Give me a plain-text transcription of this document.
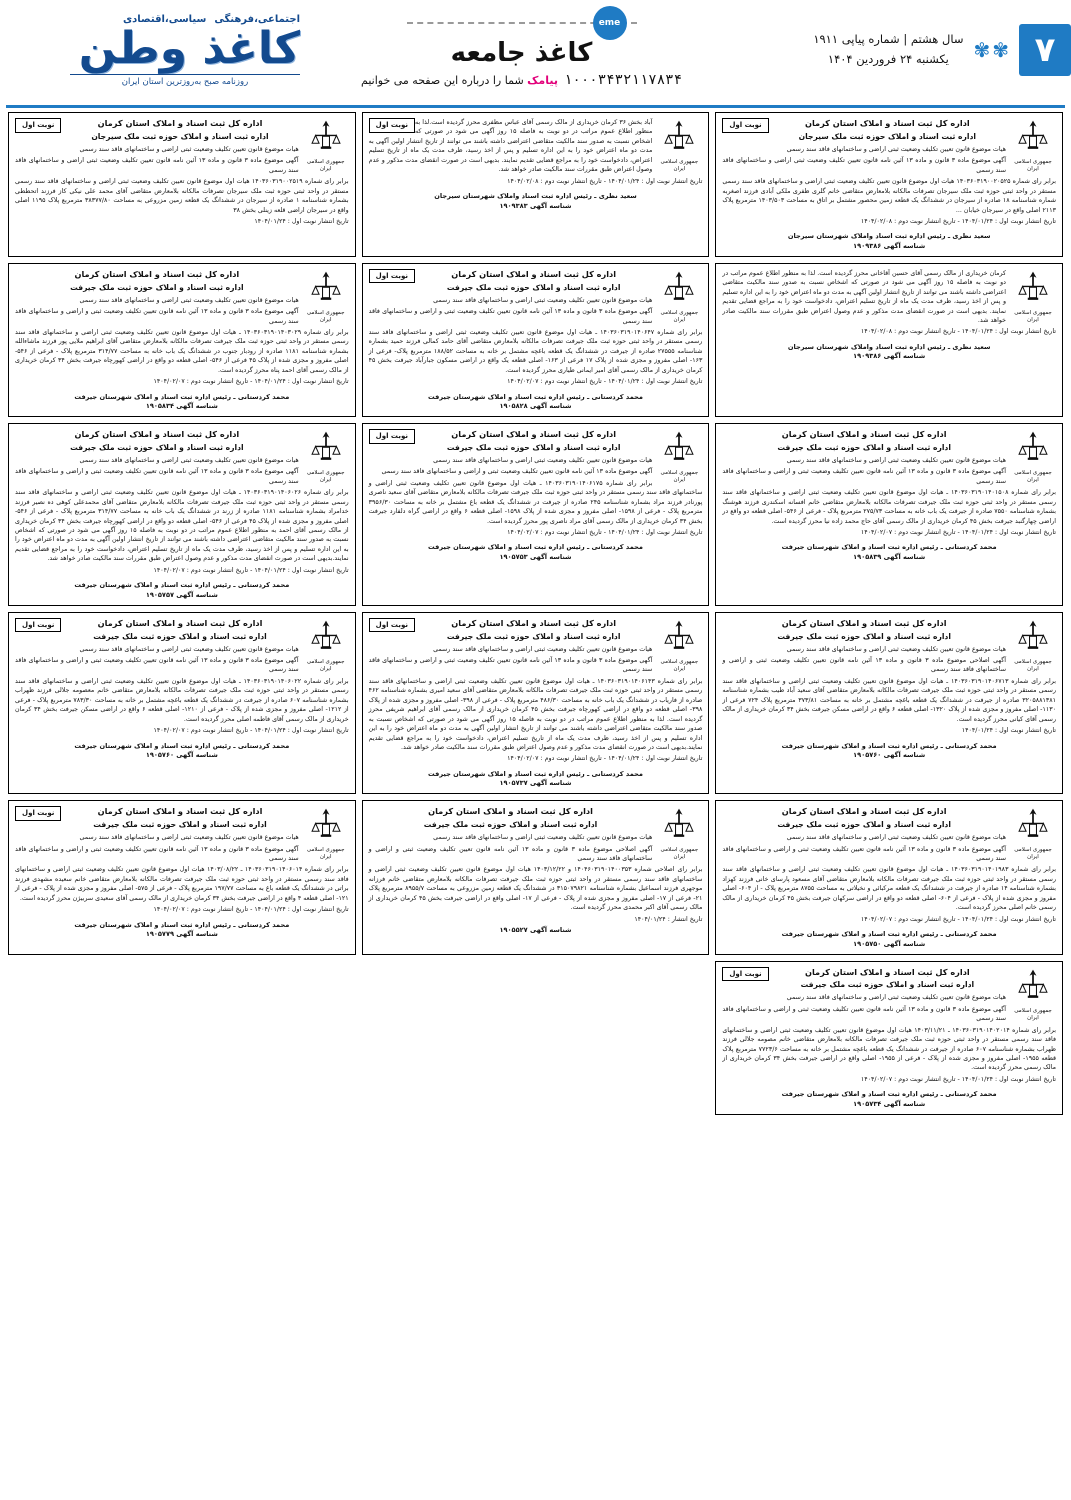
۷
✾
✾
سال هشتم | شماره پیاپی ۱۹۱۱
یکشنبه ۲۴ فروردین ۱۴۰۴
eme
کاغذ جامعه
۱۰۰۰۳۴۳۲۱۱۷۸۳۴
پیامک شما را درباره این صفحه می خوانیم
اجتماعی،فرهنگی
سیاسی،اقتصادی
کاغذ وطن
روزنامه صبح به‌روزترین استان ایران
نوبت اول
جمهوری اسلامی ایران
اداره کل ثبت اسناد و املاک استان کرمان
اداره ثبت اسناد و املاک حوزه ثبت ملک سیرجان

هیات موضوع قانون تعیین تکلیف وضعیت ثبتی اراضی و ساختمانهای فاقد سند رسمی

آگهی موضوع ماده ۳ قانون و ماده ۱۳ آئین نامه قانون تعیین تکلیف وضعیت ثبتی اراضی و ساختمانهای فاقد سند رسمی

برابر رای شماره ۱۴۰۳۶۰۳۱۹۰۰۲۰۵۲۵ هیات اول موضوع قانون تعیین تکلیف وضعیت ثبتی اراضی و ساختمانهای فاقد سند رسمی مستقر در واحد ثبتی حوزه ثبت ملک سیرجان تصرفات مالکانه بلامعارض متقاضی خانم گلری ظفری ملکی آبادی فرزند اصغربه شماره شناسنامه ۱۸ صادره از سیرجان در ششدانگ یک قطعه زمین محصور مشتمل بر اتاق به مساحت ۱۴۰۳/۵۰۳ مترمربع پلاک ۲۱۱۳ اصلی واقع در سیرجان خیابان ...

تاریخ انتشار نوبت اول : ۱۴۰۴/۰۱/۲۴ - تاریخ انتشار نوبت دوم : ۱۴۰۴/۰۲/۰۸

سعید نظری ـ رئیس اداره ثبت اسناد واملاک شهرستان سیرجان
شناسه آگهی ۱۹۰۹۳۸۶
نوبت اول
جمهوری اسلامی ایران

آباد بخش ۳۶ کرمان خریداری از مالک رسمی آقای عباس مظفری محرز گردیده است.لذا به منظور اطلاع عموم مراتب در دو نوبت به فاصله ۱۵ روز آگهی می شود در صورتی که اشخاص نسبت به صدور سند مالکیت متقاضی اعتراضی داشته باشند می توانند از تاریخ انتشار اولین آگهی به مدت دو ماه اعتراض خود را به این اداره تسلیم و پس از اخذ رسید، ظرف مدت یک ماه از تاریخ تسلیم اعتراض، دادخواست خود را به مراجع قضایی تقدیم نمایند. بدیهی است در صورت انقضای مدت مذکور و عدم وصول اعتراض طبق مقررات سند مالکیت صادر خواهد شد.

تاریخ انتشار نوبت اول : ۱۴۰۴/۰۱/۲۴ - تاریخ انتشار نوبت دوم : ۱۴۰۴/۰۲/۰۸

سعید نظری ـ رئیس اداره ثبت اسناد واملاک شهرستان سیرجان
شناسه آگهی ۱۹۰۹۳۸۳
نوبت اول
جمهوری اسلامی ایران
اداره کل ثبت اسناد و املاک استان کرمان
اداره ثبت اسناد و املاک حوزه ثبت ملک سیرجان

هیات موضوع قانون تعیین تکلیف وضعیت ثبتی اراضی و ساختمانهای فاقد سند رسمی

آگهی موضوع ماده ۳ قانون و ماده ۱۳ آئین نامه قانون تعیین تکلیف وضعیت ثبتی اراضی و ساختمانهای فاقد سند رسمی

برابر رای شماره ۱۴۰۳۶۰۳۱۹۰۰۲۵۱۹ هیات اول موضوع قانون تعیین تکلیف وضعیت ثبتی اراضی و ساختمانهای فاقد سند رسمی مستقر در واحد ثبتی حوزه ثبت ملک سیرجان تصرفات مالکانه بلامعارض متقاضی آقای محمد علی نیکی کاز فرزند اتحططی بشماره شناسنامه ۱ صادره از سیرجان در ششدانگ یک قطعه زمین مزروعی به مساحت ۳۸۳۷۷/۸۰ مترمربع پلاک ۱۱۹۵ اصلی واقع در سیرجان اراضی قلعه زینلی بخش ۳۸

تاریخ انتشار نوبت اول : ۱۴۰۴/۰۱/۲۴

جمهوری اسلامی ایران

کرمان خریداری از مالک رسمی آقای حسین آقاخانی محرز گردیده است. لذا به منظور اطلاع عموم مراتب در دو نوبت به فاصله ۱۵ روز آگهی می شود در صورتی که اشخاص نسبت به صدور سند مالکیت متقاضی اعتراضی داشته باشند می توانند از تاریخ انتشار اولین آگهی به مدت دو ماه اعتراض خود را به این اداره تسلیم و پس از اخذ رسید، ظرف مدت یک ماه از تاریخ تسلیم اعتراض، دادخواست خود را به مراجع قضایی تقدیم نمایند. بدیهی است در صورت انقضای مدت مذکور و عدم وصول اعتراض طبق مقررات سند مالکیت صادر خواهد شد.

تاریخ انتشار نوبت اول : ۱۴۰۴/۰۱/۲۴ - تاریخ انتشار نوبت دوم : ۱۴۰۴/۰۲/۰۸

سعید نظری ـ رئیس اداره ثبت اسناد واملاک شهرستان سیرجان
شناسه آگهی ۱۹۰۹۳۸۶
نوبت اول
جمهوری اسلامی ایران
اداره کل ثبت اسناد و املاک استان کرمان
اداره ثبت اسناد و املاک حوزه ثبت ملک جیرفت

هیات موضوع قانون تعیین تکلیف وضعیت ثبتی اراضی و ساختمانهای فاقد سند رسمی

آگهی موضوع ماده ۳ قانون و ماده ۱۳ آئین نامه قانون تعیین تکلیف وضعیت ثبتی و اراضی و ساختمانهای فاقد سند رسمی

برابر رای شماره ۱۴۰۳۶۰۳۱۹۰۱۴۰۶۴۷ ـ هیات اول موضوع قانون تعیین تکلیف وضعیت ثبتی اراضی و ساختمانهای فاقد سند رسمی مستقر در واحد ثبتی حوزه ثبت ملک جیرفت تصرفات مالکانه بلامعارض متقاضی آقای حامد کمالی فرزند حمید بشماره شناسنامه ۲۷۵۵۵ صادره از جیرفت در ششدانگ یک قطعه باغچه مشتمل بر خانه به مساحت ۱۸۸/۵۲ مترمربع پلاک- فرعی از ۱۶۳- اصلی مفروز و مجزی شده از پلاک ۱۷ فرعی از ۱۶۳- اصلی قطعه یک واقع در اراضی مسکون جبارآباد جیرفت بخش ۴۵ کرمان خریداری از مالک رسمی آقای امیر ایمانی طیاری محرز گردیده است.

تاریخ انتشار نوبت اول : ۱۴۰۴/۰۱/۲۴ - تاریخ انتشار نوبت دوم : ۱۴۰۴/۰۲/۰۷

محمد کردستانی ـ رئیس اداره ثبت اسناد و املاک شهرستان جیرفت
شناسه آگهی ۱۹۰۵۸۲۸
جمهوری اسلامی ایران
اداره کل ثبت اسناد و املاک استان کرمان
اداره ثبت اسناد و املاک حوزه ثبت ملک جیرفت

هیات موضوع قانون تعیین تکلیف وضعیت ثبتی اراضی و ساختمانهای فاقد سند رسمی

آگهی موضوع ماده ۳ قانون و ماده ۱۳ آئین نامه قانون تعیین تکلیف وضعیت ثبتی و اراضی و ساختمانهای فاقد سند رسمی

برابر رای شماره ۱۴۰۳۶۰۳۱۹۰۱۴۰۳۰۲۹ ـ هیات اول موضوع قانون تعیین تکلیف وضعیت ثبتی اراضی و ساختمانهای فاقد سند رسمی مستقر در واحد ثبتی حوزه ثبت ملک جیرفت تصرفات مالکانه بلامعارض متقاضی آقای ابراهیم ملایی پور فرزند ماشاءالله بشماره شناسنامه ۱۱۸۱ صادره از رودبار جنوب در ششدانگ یک باب خانه به مساحت ۳۱۴/۷۷ مترمربع پلاک - فرعی از ۵۴۶- اصلی مفروز و مجزی شده از پلاک ۴۵ فرعی از ۵۴۶- اصلی قطعه دو واقع در اراضی کهورچاه جیرفت بخش ۳۴ کرمان خریداری از مالک رسمی آقای احمد پناه محرز گردیده است.

تاریخ انتشار نوبت اول : ۱۴۰۴/۰۱/۲۴ - تاریخ انتشار نوبت دوم : ۱۴۰۴/۰۲/۰۷

محمد کردستانی ـ رئیس اداره ثبت اسناد و املاک شهرستان جیرفت
شناسه آگهی ۱۹۰۵۸۳۴
جمهوری اسلامی ایران
اداره کل ثبت اسناد و املاک استان کرمان
اداره ثبت اسناد و املاک حوزه ثبت ملک جیرفت

هیات موضوع قانون تعیین تکلیف وضعیت ثبتی اراضی و ساختمانهای فاقد سند رسمی

آگهی موضوع ماده ۳ قانون و ماده ۱۳ آئین نامه قانون تعیین تکلیف وضعیت ثبتی و اراضی و ساختمانهای فاقد سند رسمی

برابر رای شماره ۱۴۰۳۶۰۳۱۹۰۱۴۰۱۵۰۸ ـ هیات اول موضوع قانون تعیین تکلیف وضعیت ثبتی اراضی و ساختمانهای فاقد سند رسمی مستقر در واحد ثبتی حوزه ثبت ملک جیرفت تصرفات مالکانه بلامعارض متقاضی خانم افسانه اسکندری فرزند هوشنگ بشماره شناسنامه ۷۵۵۰ صادره از جیرفت یک باب خانه به مساحت ۲۷۵/۷۳ مترمربع پلاک - فرعی از ۵۴۶- اصلی قطعه دو واقع در اراضی چهارگنبد جیرفت بخش ۴۵ کرمان خریداری از مالک رسمی آقای حاج محمد زاده نیا محرز گردیده است.

تاریخ انتشار نوبت اول : ۱۴۰۴/۰۱/۲۴ - تاریخ انتشار نوبت دوم : ۱۴۰۴/۰۲/۰۷

محمد کردستانی ـ رئیس اداره ثبت اسناد و املاک شهرستان جیرفت
شناسه آگهی ۱۹۰۵۸۳۹
نوبت اول
جمهوری اسلامی ایران
اداره کل ثبت اسناد و املاک استان کرمان
اداره ثبت اسناد و املاک حوزه ثبت ملک جیرفت

هیات موضوع قانون تعیین تکلیف وضعیت ثبتی اراضی و ساختمانهای فاقد سند رسمی

آگهی موضوع ماده ۱۳ آئین نامه قانون تعیین تکلیف وضعیت ثبتی و اراضی و ساختمانهای فاقد سند رسمی

برابر رای شماره ۱۴۰۳۶۰۳۱۹۰۱۴۰۶۱۷۵ ـ هیات اول موضوع قانون تعیین تکلیف وضعیت ثبتی اراضی و ساختمانهای فاقد سند رسمی مستقر در واحد ثبتی حوزه ثبت ملک جیرفت تصرفات مالکانه بلامعارض متقاضی آقای سعید ناصری پورنادر فرزند مراد بشماره شناسنامه ۲۴۵ صادره از جیرفت در ششدانگ یک قطعه باغ مشتمل بر خانه به مساحت ۳۹۵۶/۳۰ مترمربع پلاک - فرعی از ۱۵۹۸- اصلی مفروز و مجزی شده از پلاک ۱۵۹۸- اصلی قطعه ۶ واقع در اراضی گراه دلفارد جیرفت بخش ۳۴ کرمان خریداری از مالک رسمی آقای مراد ناصری پور محرز گردیده است.

تاریخ انتشار نوبت اول : ۱۴۰۴/۰۱/۲۴ - تاریخ انتشار نوبت دوم : ۱۴۰۴/۰۲/۰۷

محمد کردستانی ـ رئیس اداره ثبت اسناد و املاک شهرستان جیرفت
شناسه آگهی ۱۹۰۵۷۵۳
جمهوری اسلامی ایران
اداره کل ثبت اسناد و املاک استان کرمان
اداره ثبت اسناد و املاک حوزه ثبت ملک جیرفت

هیات موضوع قانون تعیین تکلیف وضعیت ثبتی اراضی و ساختمانهای فاقد سند رسمی

آگهی موضوع ماده ۳ قانون و ماده ۱۳ آئین نامه قانون تعیین تکلیف وضعیت ثبتی و اراضی و ساختمانهای فاقد سند رسمی

برابر رای شماره ۱۴۰۳۶۰۳۱۹۰۱۴۰۶۰۲۶ ـ هیات اول موضوع قانون تعیین تکلیف وضعیت ثبتی اراضی و ساختمانهای فاقد سند رسمی مستقر در واحد ثبتی حوزه ثبت ملک جیرفت تصرفات مالکانه بلامعارض متقاضی آقای محمدعلی کوهی ده نصیر فرزند خدامراد بشماره شناسنامه ۱۱۸۱ صادره از زرند در ششدانگ یک باب خانه به مساحت ۳۱۴/۷۷ مترمربع پلاک - فرعی از ۵۴۶- اصلی مفروز و مجزی شده از پلاک ۴۵ فرعی از ۵۴۶- اصلی قطعه دو واقع در اراضی کهورچاه جیرفت بخش ۳۴ کرمان خریداری از مالک رسمی آقای احمد به منظور اطلاع عموم مراتب در دو نوبت به فاصله ۱۵ روز آگهی می شود در صورتی که اشخاص نسبت به صدور سند مالکیت متقاضی اعتراضی داشته باشند می توانند از تاریخ انتشار اولین آگهی به مدت دو ماه اعتراض خود را به این اداره تسلیم و پس از اخذ رسید، ظرف مدت یک ماه از تاریخ تسلیم اعتراض، دادخواست خود را به مراجع قضایی تقدیم نمایند.بدیهی است در صورت انقضای مدت مذکور و عدم وصول اعتراض طبق مقررات سند مالکیت صادر خواهد شد.

تاریخ انتشار نوبت اول : ۱۴۰۴/۰۱/۲۴ - تاریخ انتشار نوبت دوم : ۱۴۰۴/۰۲/۰۷

محمد کردستانی ـ رئیس اداره ثبت اسناد و املاک شهرستان جیرفت
شناسه آگهی ۱۹۰۵۷۵۷
جمهوری اسلامی ایران
اداره کل ثبت اسناد و املاک استان کرمان
اداره ثبت اسناد و املاک حوزه ثبت ملک جیرفت

هیات موضوع قانون تعیین تکلیف وضعیت ثبتی اراضی و ساختمانهای فاقد سند رسمی

آگهی اصلاحی موضوع ماده ۳ قانون و ماده ۱۳ آئین نامه قانون تعیین تکلیف وضعیت ثبتی و اراضی و ساختمانهای فاقد سند رسمی

برابر رای شماره ۱۴۰۳۶۰۳۱۹۰۱۴۰۶۷۱۳ ـ هیات اول موضوع قانون تعیین تکلیف وضعیت ثبتی اراضی و ساختمانهای فاقد سند رسمی مستقر در واحد ثبتی حوزه ثبت ملک جیرفت تصرفات مالکانه بلامعارض متقاضی آقای سعید آباد طیب بشماره شناسنامه ۳۲۰۵۸۸۱۳۸۱ صادره از جیرفت در ششدانگ یک قطعه باغچه مشتمل بر خانه به مساحت ۳۷۳/۸۱ مترمربع پلاک ۷۲۴ فرعی از ۱۱۳۰- اصلی مفروز و مجزی شده از پلاک ۱۳۲۰- اصلی قطعه ۶ واقع در اراضی مسکن جیرفت بخش ۳۴ کرمان خریداری از مالک رسمی آقای کیانی محرز گردیده است.

تاریخ انتشار نوبت اول : ۱۴۰۴/۰۱/۲۴

محمد کردستانی ـ رئیس اداره ثبت اسناد و املاک شهرستان جیرفت
شناسه آگهی ۱۹۰۵۷۶۰
نوبت اول
جمهوری اسلامی ایران
اداره کل ثبت اسناد و املاک استان کرمان
اداره ثبت اسناد و املاک حوزه ثبت ملک جیرفت

هیات موضوع قانون تعیین تکلیف وضعیت ثبتی اراضی و ساختمانهای فاقد سند رسمی

آگهی موضوع ماده ۳ قانون و ماده ۱۳ آئین نامه قانون تعیین تکلیف وضعیت ثبتی و اراضی و ساختمانهای فاقد سند رسمی

برابر رای شماره ۱۴۰۳۶۰۳۱۹۰۱۴۰۶۱۴۳ ـ هیات اول موضوع قانون تعیین تکلیف وضعیت ثبتی اراضی و ساختمانهای فاقد سند رسمی مستقر در واحد ثبتی حوزه ثبت ملک جیرفت تصرفات مالکانه بلامعارض متقاضی آقای سعید امیری بشماره شناسنامه ۴۶۲ صادره از فاریاب در ششدانگ یک باب خانه به مساحت ۴۸۶/۳۰ مترمربع پلاک - فرعی از ۳۹۸- اصلی مفروز و مجزی شده از پلاک ۳۹۸- اصلی قطعه دو واقع در اراضی کهورچاه جیرفت بخش ۴۵ کرمان خریداری از مالک رسمی آقای ابراهیم شریفی محرز گردیده است. لذا به منظور اطلاع عموم مراتب در دو نوبت به فاصله ۱۵ روز آگهی می شود در صورتی که اشخاص نسبت به صدور سند مالکیت متقاضی اعتراضی داشته باشند می توانند از تاریخ انتشار اولین آگهی به مدت دو ماه اعتراض خود را به این اداره تسلیم و پس از اخذ رسید، ظرف مدت یک ماه از تاریخ تسلیم اعتراض، دادخواست خود را به مراجع قضایی تقدیم نمایند.بدیهی است در صورت انقضای مدت مذکور و عدم وصول اعتراض طبق مقررات سند مالکیت صادر خواهد شد.

تاریخ انتشار نوبت اول : ۱۴۰۴/۰۱/۲۴ - تاریخ انتشار نوبت دوم : ۱۴۰۴/۰۲/۰۷

محمد کردستانی ـ رئیس اداره ثبت اسناد و املاک شهرستان جیرفت
شناسه آگهی ۱۹۰۵۷۳۷
نوبت اول
جمهوری اسلامی ایران
اداره کل ثبت اسناد و املاک استان کرمان
اداره ثبت اسناد و املاک حوزه ثبت ملک جیرفت

هیات موضوع قانون تعیین تکلیف وضعیت ثبتی اراضی و ساختمانهای فاقد سند رسمی

آگهی موضوع ماده ۳ قانون و ماده ۱۳ آئین نامه قانون تعیین تکلیف وضعیت ثبتی و اراضی و ساختمانهای فاقد سند رسمی

برابر رای شماره ۱۴۰۳۶۰۳۱۹۰۱۴۰۶۰۲۲ ـ هیات اول موضوع قانون تعیین تکلیف وضعیت ثبتی اراضی و ساختمانهای فاقد سند رسمی مستقر در واحد ثبتی حوزه ثبت ملک جیرفت تصرفات مالکانه بلامعارض متقاضی خانم معصومه جلالی فرزند ظهراب بشماره شناسنامه ۶۰۷ صادره از جیرفت در ششدانگ یک قطعه باغچه مشتمل بر خانه به مساحت ۷۸۳/۳۰ مترمربع پلاک - فرعی از ۱۲۱۲- اصلی مفروز و مجزی شده از پلاک - فرعی از ۱۲۱۰- اصلی قطعه ۶ واقع در اراضی مسکن جیرفت بخش ۳۴ کرمان خریداری از مالک رسمی آقای فاطمه اصلی محرز گردیده است.

تاریخ انتشار نوبت اول : ۱۴۰۴/۰۱/۲۴ - تاریخ انتشار نوبت دوم : ۱۴۰۴/۰۲/۰۷

محمد کردستانی ـ رئیس اداره ثبت اسناد و املاک شهرستان جیرفت
شناسه آگهی ۱۹۰۵۷۶۰
جمهوری اسلامی ایران
اداره کل ثبت اسناد و املاک استان کرمان
اداره ثبت اسناد و املاک حوزه ثبت ملک جیرفت

هیات موضوع قانون تعیین تکلیف وضعیت ثبتی اراضی و ساختمانهای فاقد سند رسمی

آگهی موضوع ماده ۳ قانون و ماده ۱۳ آئین نامه قانون تعیین تکلیف وضعیت ثبتی و اراضی و ساختمانهای فاقد سند رسمی

برابر رای شماره ۱۴۰۳۶۰۳۱۹۰۱۴۰۱۹۸۳ ـ هیات اول موضوع قانون تعیین تکلیف وضعیت ثبتی اراضی و ساختمانهای فاقد سند رسمی مستقر در واحد ثبتی حوزه ثبت ملک جیرفت تصرفات مالکانه بلامعارض متقاضی آقای مسعود پارسای خانی فرزند کهزاد بشماره شناسنامه ۱۴ صادره از جیرفت در ششدانگ یک قطعه مرکبائی و نخیلاتی به مساحت ۸۷۵۵ مترمربع پلاک - از ۶۰۴- اصلی مفروز و مجزی شده از پلاک - فرعی از ۶۰۴- اصلی قطعه دو واقع در اراضی سرکهان جیرفت بخش ۴۵ کرمان خریداری از مالک رسمی خانم اصلی محرز گردیده است.

تاریخ انتشار نوبت اول : ۱۴۰۴/۰۱/۲۴ - تاریخ انتشار نوبت دوم : ۱۴۰۴/۰۲/۰۷

محمد کردستانی ـ رئیس اداره ثبت اسناد و املاک شهرستان جیرفت
شناسه آگهی ۱۹۰۵۷۵۰
جمهوری اسلامی ایران
اداره کل ثبت اسناد و املاک استان کرمان
اداره ثبت اسناد و املاک حوزه ثبت ملک جیرفت

هیات موضوع قانون تعیین تکلیف وضعیت ثبتی اراضی و ساختمانهای فاقد سند رسمی

آگهی اصلاحی موضوع ماده ۳ قانون و ماده ۱۳ آئین نامه قانون تعیین تکلیف وضعیت ثبتی و اراضی و ساختمانهای فاقد سند رسمی

برابر رای اصلاحی شماره ۱۴۰۴۶۰۳۱۹۰۱۴۰۰۳۵۳ و ۱۴۰۳/۱۲/۲۲ هیات اول موضوع قانون تعیین تکلیف وضعیت ثبتی اراضی و ساختمانهای فاقد سند رسمی مستقر در واحد ثبتی حوزه ثبت ملک جیرفت تصرفات مالکانه بلامعارض متقاضی خانم فرزانه موجهری فرزند اسماعیل بشماره شناسنامه ۳۱۵۰۷۹۸۲۱ در ششدانگ یک قطعه زمین مزروعی به مساحت ۸۹۵۵/۷ مترمربع پلاک ۲۱- فرعی از ۱۷- اصلی مفروز و مجزی شده از پلاک - فرعی از ۱۷- اصلی واقع در اراضی جیرفت بخش ۴۵ کرمان خریداری از مالک رسمی آقای اکبر محمدی محرز گردیده است.

تاریخ انتشار : ۱۴۰۴/۰۱/۲۴

شناسه آگهی ۱۹۰۵۵۲۷
نوبت اول
جمهوری اسلامی ایران
اداره کل ثبت اسناد و املاک استان کرمان
اداره ثبت اسناد و املاک حوزه ثبت ملک جیرفت

هیات موضوع قانون تعیین تکلیف وضعیت ثبتی اراضی و ساختمانهای فاقد سند رسمی

آگهی موضوع ماده ۳ قانون و ماده ۱۳ آئین نامه قانون تعیین تکلیف وضعیت ثبتی و اراضی و ساختمانهای فاقد سند رسمی

برابر رای شماره ۱۴۰۳۶۰۳۱۹۰۱۴۰۶۰۱۴ ـ ۱۴۰۳/۰۸/۲۲ هیات اول موضوع قانون تعیین تکلیف وضعیت ثبتی اراضی و ساختمانهای فاقد سند رسمی مستقر در واحد ثبتی حوزه ثبت ملک جیرفت تصرفات مالکانه بلامعارض متقاضی خانم سعیده مشهدی فرزند براتی در ششدانگ یک قطعه باغ به مساحت ۱۹۷/۷۷ مترمربع پلاک - فرعی از ۵۷۵- اصلی مفروز و مجزی شده از پلاک - فرعی از ۱۲۱- اصلی قطعه ۴ واقع در اراضی جیرفت بخش ۳۴ کرمان خریداری از مالک رسمی آقای سعیدی سربیژن محرز گردیده است.

تاریخ انتشار نوبت اول : ۱۴۰۴/۰۱/۲۴ - تاریخ انتشار نوبت دوم : ۱۴۰۴/۰۲/۰۷

محمد کردستانی ـ رئیس اداره ثبت اسناد و املاک شهرستان جیرفت
شناسه آگهی ۱۹۰۵۷۷۹
نوبت اول
جمهوری اسلامی ایران
اداره کل ثبت اسناد و املاک استان کرمان
اداره ثبت اسناد و املاک حوزه ثبت ملک جیرفت

هیات موضوع قانون تعیین تکلیف وضعیت ثبتی اراضی و ساختمانهای فاقد سند رسمی

آگهی موضوع ماده ۳ قانون و ماده ۱۳ آئین نامه قانون تعیین تکلیف وضعیت ثبتی و اراضی و ساختمانهای فاقد سند رسمی

برابر رای شماره ۱۴۰۳۶۰۳۱۹۰۱۴۰۲۰۱۴ ـ ۱۴۰۳/۱۱/۲۱ هیات اول موضوع قانون تعیین تکلیف وضعیت ثبتی اراضی و ساختمانهای فاقد سند رسمی مستقر در واحد ثبتی حوزه ثبت ملک جیرفت تصرفات مالکانه بلامعارض متقاضی خانم مصومه جلالی فرزند ظهراب بشماره شناسنامه ۶۰۷ صادره از جیرفت در ششدانگ یک قطعه باغچه مشتمل بر خانه به مساحت ۷۷۲۳/۶ مترمربع پلاک قطعه ۱۹۵۵- اصلی مفروز و مجزی شده از پلاک - فرعی از ۱۹۵۵- اصلی واقع در اراضی جیرفت بخش ۳۴ کرمان خریداری از مالک رسمی محرز گردیده است.

تاریخ انتشار نوبت اول : ۱۴۰۴/۰۱/۲۴ - تاریخ انتشار نوبت دوم : ۱۴۰۴/۰۲/۰۷

محمد کردستانی ـ رئیس اداره ثبت اسناد و املاک شهرستان جیرفت
شناسه آگهی ۱۹۰۵۷۳۴
